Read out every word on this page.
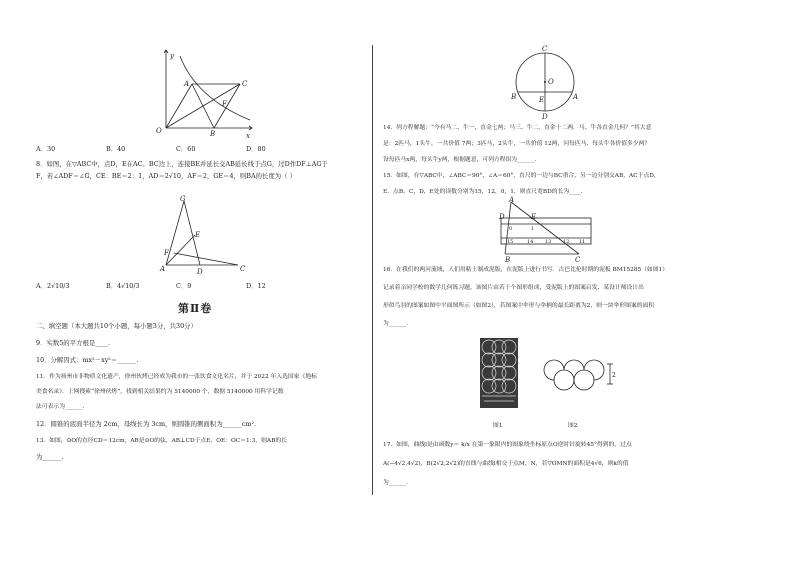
y
x
O
A
B
C
F
A．30	B．40	C．60	D．80
8．如图，在▽ABC中，点D，E在AC、BC边上，连接BE并延长交AB延长线于点G，过D作DF⊥AG于
F，若∠ADF＝∠G，CE：BE＝2：1，AD＝2√10，AF＝2，GE＝4，则BA的长度为（ ）
G
E
F
A	D	C
A．2√10/3	B．4√10/3	C．9	D．12
第Ⅱ卷
二、填空题（本大题共10个小题，每小题3分，共30分）
9．实数5的平方根是____.
10．分解因式：mx²－xy²＝______.
11．作为扬州市非物质文化遗产，徐州伙烤已经成为我市的一张饮食文化名片，并于 2022 年入选国家《地标
美食名录》．上网搜索“徐州伙烤”，找到相关结果约为 5140000 个，数据 5140000 用科学记数
法可表示为______.
12．圆锥的底面半径为 2cm，母线长为 3cm，则圆锥的侧面积为______cm².
13．如图，⊙O的直径CD＝12cm，AB是⊙O的弦，AB⊥CD于点E，OE：OC＝1:3，则AB的长
为______.
C
O
B	E	A
D
14．列方程解题：“今有马二、牛一，直金七两；马三、牛二，直金十二两．马、牛各直金几何？”其大意
是：2匹马，1头牛，一共价值 7两；3匹马，2头牛，一共价值 12两，问每匹马、每头牛各价值多少两？
设每匹马x两，每头牛y两，根据题意，可列方程组为______.
15．如图，在▽ABC中，∠ABC＝90°，∠A＝60°，直尺的一边与BC重合，另一边分别交AB，AC于点D，
E．点B，C，D，E处的读数分别为15，12，0，1，则直尺宽BD的长为____.
A
D	E
B	C
0	1
15	14 13 12 11
16．在我们的两河流域，人们用粘土制成泥版，在泥版上进行书写．古巴比伦时期的泥板 BM15285（如图1）
记录着亲同学校的数学几何练习题，该图片由若干个图形组成，受泥版上的图案启发，某设计师设计出
形似鸟羽的图案如图中平面图所示（如图2），若图案中伞形与伞柄的最长距离为2，则一块伞形图案的面积
为______.
图1
2
图2
17．如图，曲线l是由函数y＝ k/x 在第一象限内的图象绕坐标原点O逆时针旋转45°得到的，过点
A(−4√2,4√2)，B(2√2,2√2)的直线与曲线l相交于点M，N，若▽OMN的面积是4√6，则k的值
为______.
